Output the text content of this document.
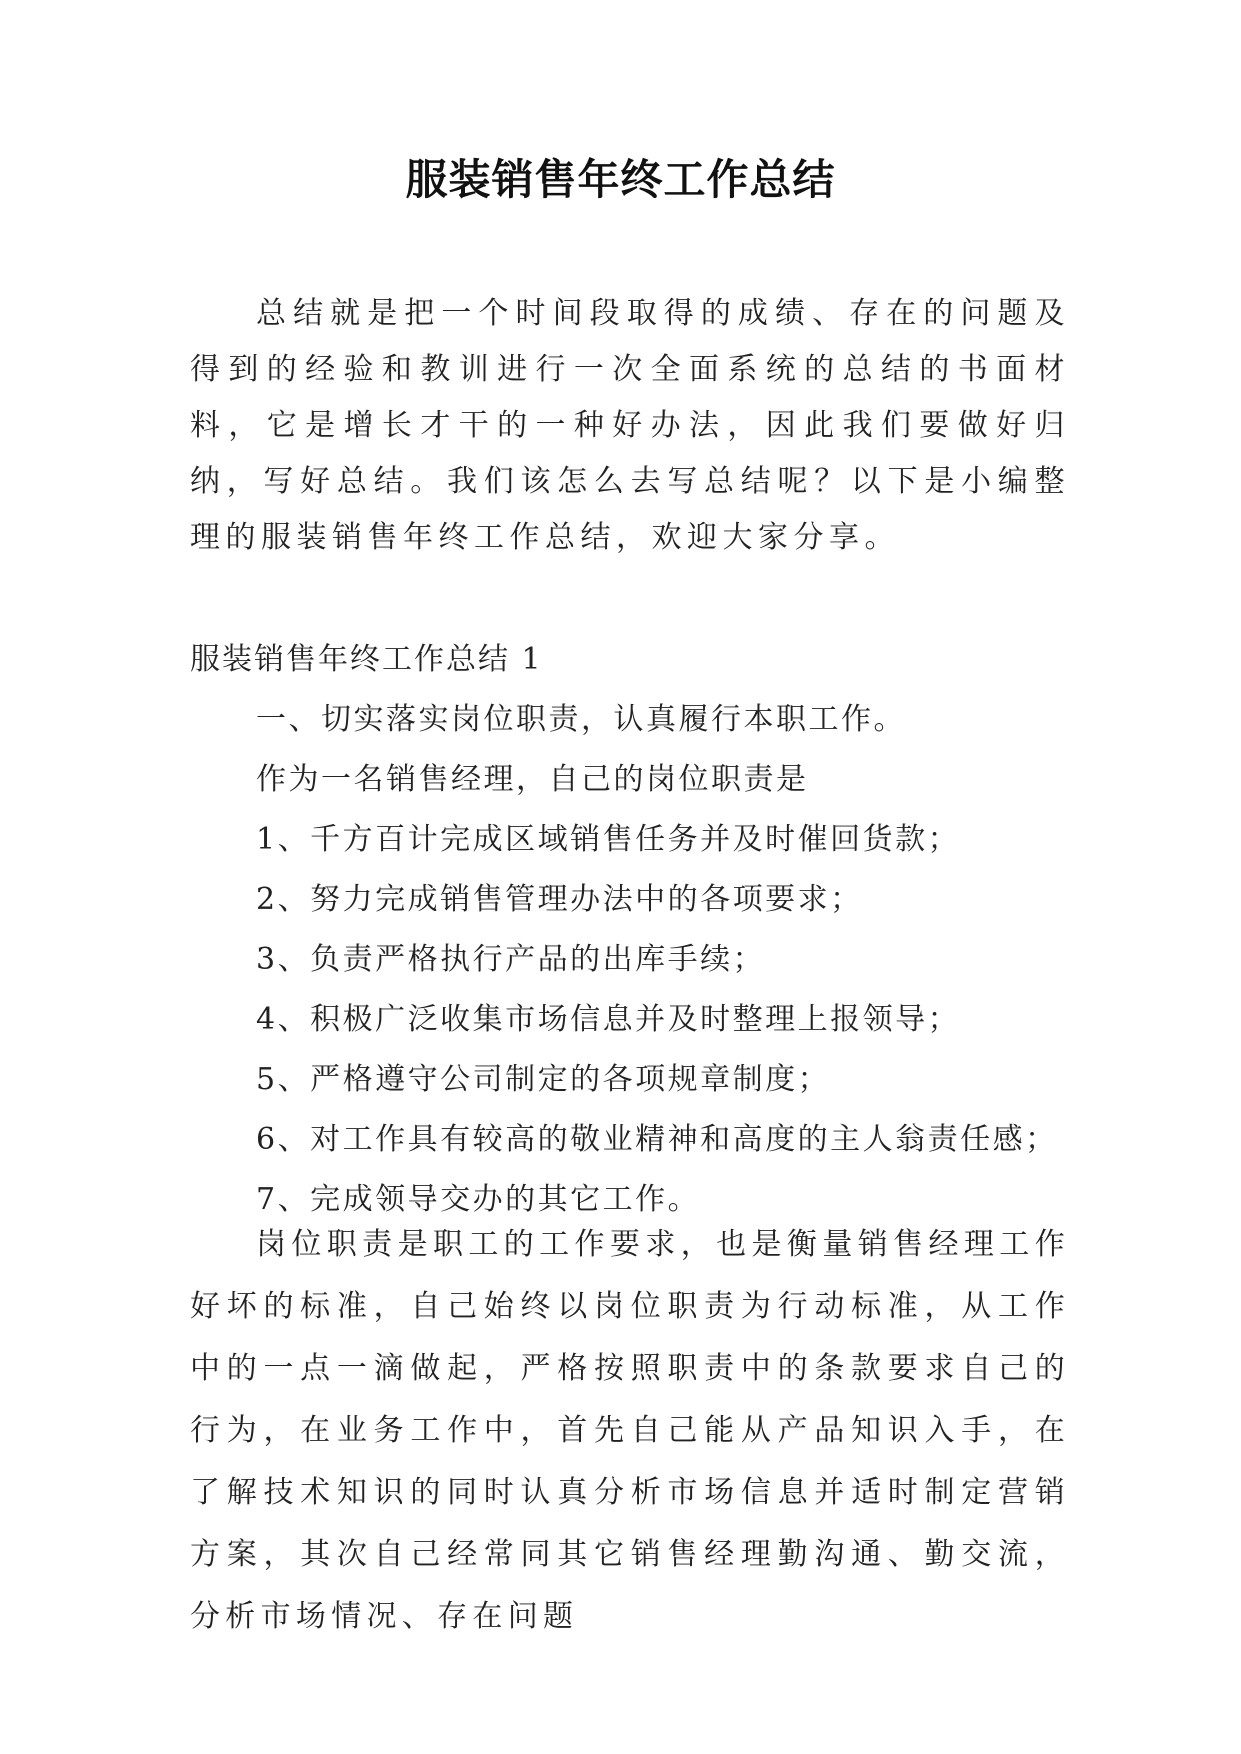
服装销售年终工作总结
总结就是把一个时间段取得的成绩、存在的问题及得到的经验和教训进行一次全面系统的总结的书面材料，它是增长才干的一种好办法，因此我们要做好归纳，写好总结。我们该怎么去写总结呢？以下是小编整理的服装销售年终工作总结，欢迎大家分享。

服装销售年终工作总结 1

一、切实落实岗位职责，认真履行本职工作。

作为一名销售经理，自己的岗位职责是

1、千方百计完成区域销售任务并及时催回货款；

2、努力完成销售管理办法中的各项要求；

3、负责严格执行产品的出库手续；

4、积极广泛收集市场信息并及时整理上报领导；

5、严格遵守公司制定的各项规章制度；

6、对工作具有较高的敬业精神和高度的主人翁责任感；

7、完成领导交办的其它工作。

岗位职责是职工的工作要求，也是衡量销售经理工作好坏的标准，自己始终以岗位职责为行动标准，从工作中的一点一滴做起，严格按照职责中的条款要求自己的行为，在业务工作中，首先自己能从产品知识入手，在了解技术知识的同时认真分析市场信息并适时制定营销方案，其次自己经常同其它销售经理勤沟通、勤交流，分析市场情况、存在问题
